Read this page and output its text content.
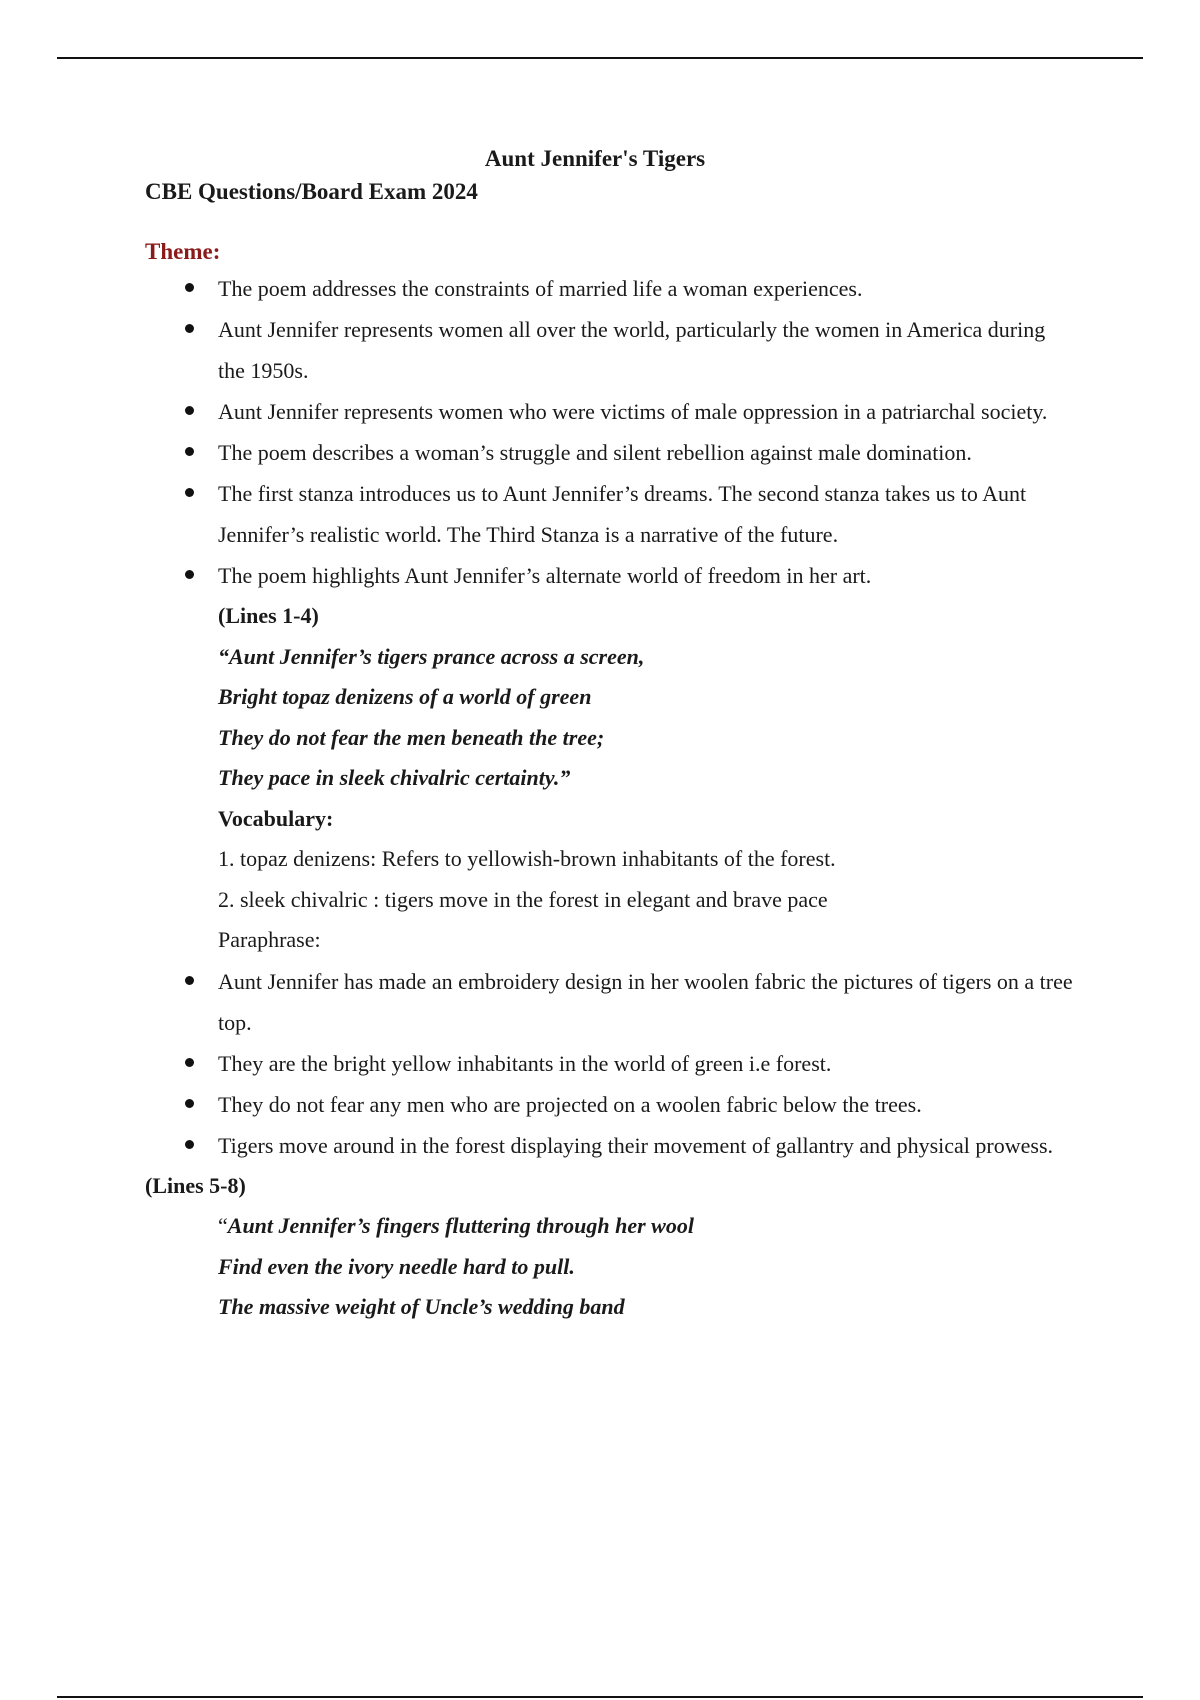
Aunt Jennifer's Tigers
CBE Questions/Board Exam 2024
Theme:
The poem addresses the constraints of married life a woman experiences.
Aunt Jennifer represents women all over the world, particularly the women in America during the 1950s.
Aunt Jennifer represents women who were victims of male oppression in a patriarchal society.
The poem describes a woman’s struggle and silent rebellion against male domination.
The first stanza introduces us to Aunt Jennifer’s dreams. The second stanza takes us to Aunt Jennifer’s realistic world. The Third Stanza is a narrative of the future.
The poem highlights Aunt Jennifer’s alternate world of freedom in her art.
(Lines 1-4)
“Aunt Jennifer’s tigers prance across a screen,
Bright topaz denizens of a world of green
They do not fear the men beneath the tree;
They pace in sleek chivalric certainty.”
Vocabulary:
1. topaz denizens: Refers to yellowish-brown inhabitants of the forest.
2. sleek chivalric : tigers move in the forest in elegant and brave pace
Paraphrase:
Aunt Jennifer has made an embroidery design in her woolen fabric the pictures of tigers on a tree top.
They are the bright yellow inhabitants in the world of green i.e forest.
They do not fear any men who are projected on a woolen fabric below the trees.
Tigers move around in the forest displaying their movement of gallantry and physical prowess.
(Lines 5-8)
“Aunt Jennifer’s fingers fluttering through her wool
Find even the ivory needle hard to pull.
The massive weight of Uncle’s wedding band
